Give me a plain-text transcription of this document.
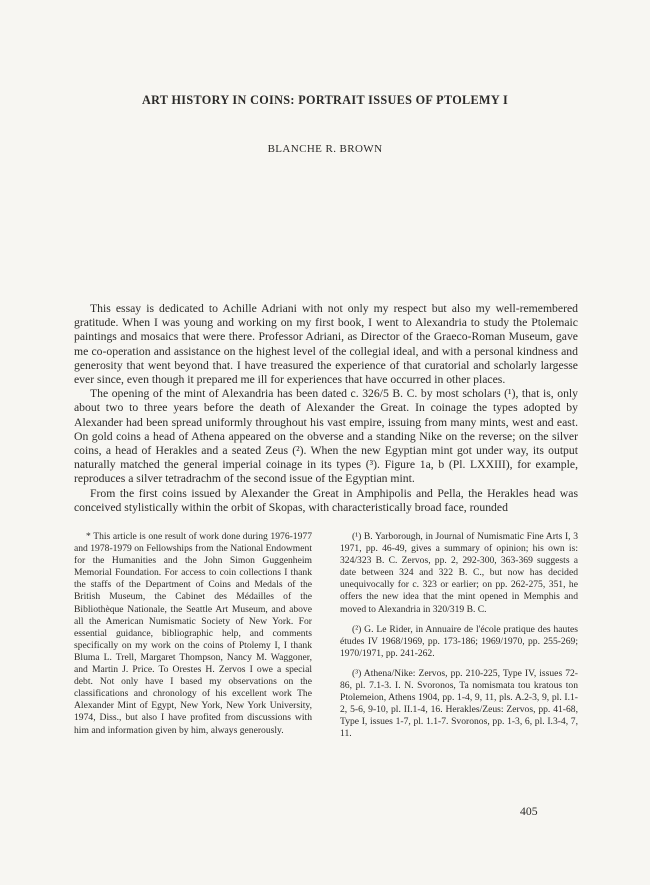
ART HISTORY IN COINS: PORTRAIT ISSUES OF PTOLEMY I
BLANCHE R. BROWN

This essay is dedicated to Achille Adriani with not only my respect but also my well-remembered gratitude. When I was young and working on my first book, I went to Alexandria to study the Ptolemaic paintings and mosaics that were there. Professor Adriani, as Director of the Graeco-Roman Museum, gave me co-operation and assistance on the highest level of the collegial ideal, and with a personal kindness and generosity that went beyond that. I have treasured the experience of that curatorial and scholarly largesse ever since, even though it prepared me ill for experiences that have occurred in other places.

The opening of the mint of Alexandria has been dated c. 326/5 B. C. by most scholars (¹), that is, only about two to three years before the death of Alexander the Great. In coinage the types adopted by Alexander had been spread uniformly throughout his vast empire, issuing from many mints, west and east. On gold coins a head of Athena appeared on the obverse and a standing Nike on the reverse; on the silver coins, a head of Herakles and a seated Zeus (²). When the new Egyptian mint got under way, its output naturally matched the general imperial coinage in its types (³). Figure 1a, b (Pl. LXXIII), for example, reproduces a silver tetradrachm of the second issue of the Egyptian mint.

From the first coins issued by Alexander the Great in Amphipolis and Pella, the Herakles head was conceived stylistically within the orbit of Skopas, with characteristically broad face, rounded

* This article is one result of work done during 1976-1977 and 1978-1979 on Fellowships from the National Endowment for the Humanities and the John Simon Guggenheim Memorial Foundation. For access to coin collections I thank the staffs of the Department of Coins and Medals of the British Museum, the Cabinet des Médailles of the Bibliothèque Nationale, the Seattle Art Museum, and above all the American Numismatic Society of New York. For essential guidance, bibliographic help, and comments specifically on my work on the coins of Ptolemy I, I thank Bluma L. Trell, Margaret Thompson, Nancy M. Waggoner, and Martin J. Price. To Orestes H. Zervos I owe a special debt. Not only have I based my observations on the classifications and chronology of his excellent work The Alexander Mint of Egypt, New York, New York University, 1974, Diss., but also I have profited from discussions with him and information given by him, always generously.

(¹) B. Yarborough, in Journal of Numismatic Fine Arts I, 3 1971, pp. 46-49, gives a summary of opinion; his own is: 324/323 B. C. Zervos, pp. 2, 292-300, 363-369 suggests a date between 324 and 322 B. C., but now has decided unequivocally for c. 323 or earlier; on pp. 262-275, 351, he offers the new idea that the mint opened in Memphis and moved to Alexandria in 320/319 B. C.

(²) G. Le Rider, in Annuaire de l'école pratique des hautes études IV 1968/1969, pp. 173-186; 1969/1970, pp. 255-269; 1970/1971, pp. 241-262.

(³) Athena/Nike: Zervos, pp. 210-225, Type IV, issues 72-86, pl. 7.1-3. I. N. Svoronos, Ta nomismata tou kratous ton Ptolemeion, Athens 1904, pp. 1-4, 9, 11, pls. A.2-3, 9, pl. I.1-2, 5-6, 9-10, pl. II.1-4, 16. Herakles/Zeus: Zervos, pp. 41-68, Type I, issues 1-7, pl. 1.1-7. Svoronos, pp. 1-3, 6, pl. I.3-4, 7, 11.

405
